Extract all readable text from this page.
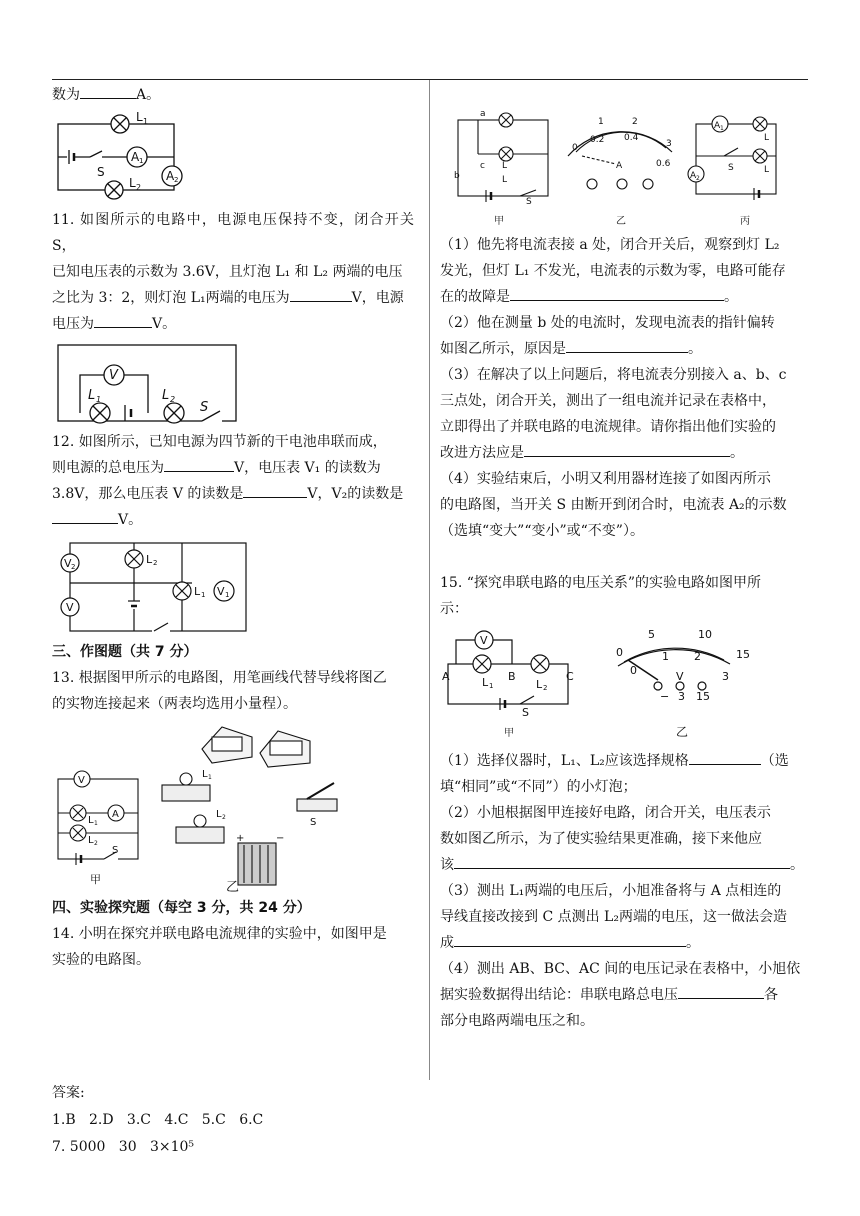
数为	A。

L 1
L 2
A 1
A 2
S

11. 如图所示的电路中，电源电压保持不变，闭合开关 S，

已知电压表的示数为 3.6V，且灯泡 L₁ 和 L₂ 两端的电压

之比为 3：2，则灯泡 L₁两端的电压为	V，电源

电压为	V。

V
L 1	L 2
S

12. 如图所示，已知电源为四节新的干电池串联而成，

则电源的总电压为	V，电压表 V₁ 的读数为

3.8V，那么电压表 V 的读数是	V，V₂的读数是

V。

V 2
V
L 2
L 1 V 1

三、作图题（共 7 分）

13. 根据图甲所示的电路图，用笔画线代替导线将图乙

的实物连接起来（两表均选用小量程）。

V
A
L 1
L 2
S
L 1
L 2	S
+	−
甲
乙

四、实验探究题（每空 3 分，共 24 分）

14. 小明在探究并联电路电流规律的实验中，如图甲是

实验的电路图。

a
b
c L
L
S
1	2
0	3
0.2 0.4
0.6
A
A 1
A 2
L
L
S
甲	乙	丙

（1）他先将电流表接 a 处，闭合开关后，观察到灯 L₂

发光，但灯 L₁ 不发光，电流表的示数为零，电路可能存

在的故障是	。

（2）他在测量 b 处的电流时，发现电流表的指针偏转

如图乙所示，原因是	。

（3）在解决了以上问题后，将电流表分别接入 a、b、c

三点处，闭合开关，测出了一组电流并记录在表格中，

立即得出了并联电路的电流规律。请你指出他们实验的

改进方法应是	。

（4）实验结束后，小明又利用器材连接了如图丙所示

的电路图，当开关 S 由断开到闭合时，电流表 A₂的示数

（选填“变大”“变小”或“不变”）。

15. “探究串联电路的电压关系”的实验电路如图甲所

示：

V
A	B	C
L 1	L 2
S
0
5	10
15
0
1 2
3
V
− 3 15
甲	乙

（1）选择仪器时，L₁、L₂应该选择规格	（选

填“相同”或“不同”）的小灯泡；

（2）小旭根据图甲连接好电路，闭合开关，电压表示

数如图乙所示，为了使实验结果更准确，接下来他应

该	。

（3）测出 L₁两端的电压后，小旭准备将与 A 点相连的

导线直接改接到 C 点测出 L₂两端的电压，这一做法会造

成	。

（4）测出 AB、BC、AC 间的电压记录在表格中，小旭依

据实验数据得出结论：串联电路总电压	各

部分电路两端电压之和。

答案:
1.B   2.D   3.C   4.C   5.C   6.C
7. 5000   30   3×10⁵
